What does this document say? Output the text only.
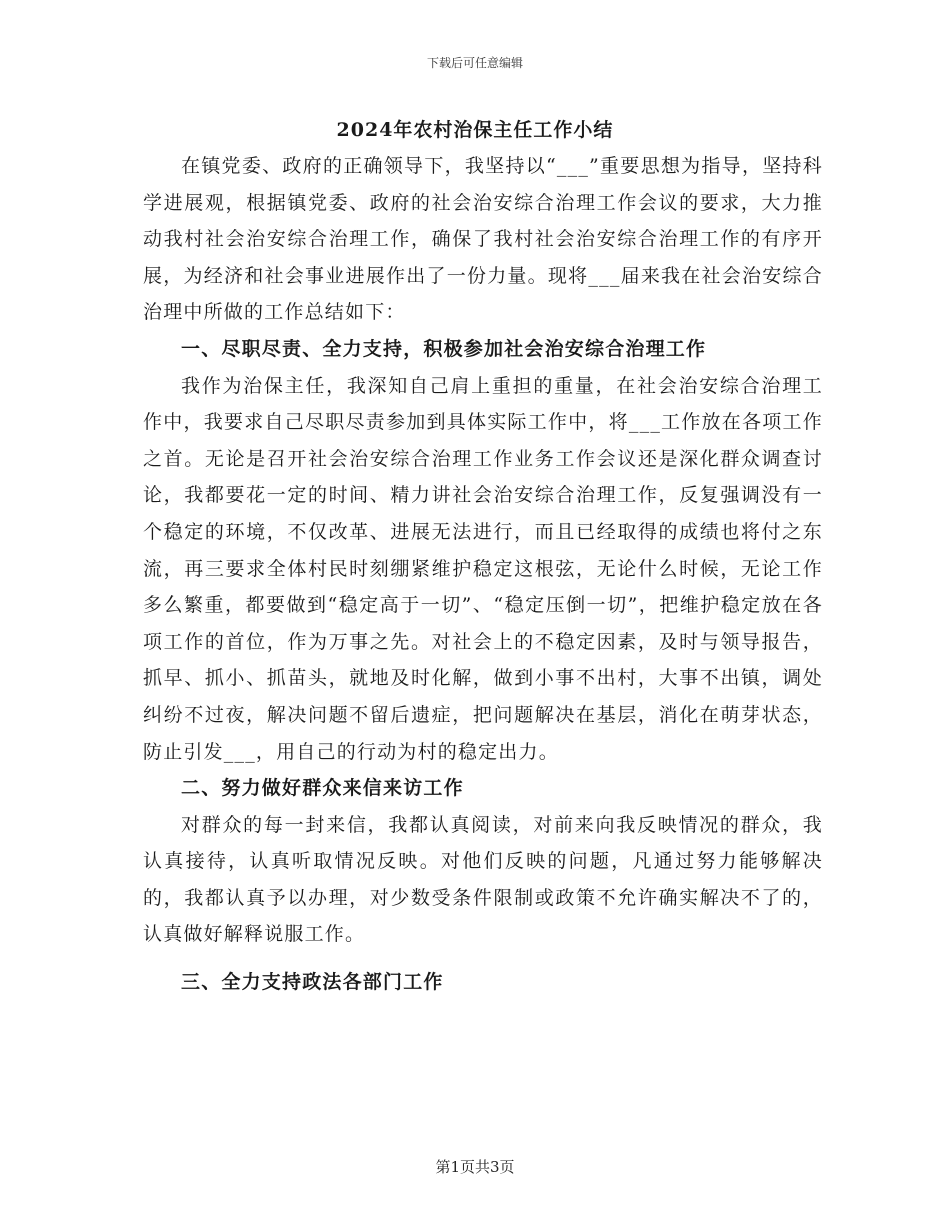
下载后可任意编辑
2024年农村治保主任工作小结

在镇党委、政府的正确领导下，我坚持以“___”重要思想为指导，坚持科学进展观，根据镇党委、政府的社会治安综合治理工作会议的要求，大力推动我村社会治安综合治理工作，确保了我村社会治安综合治理工作的有序开展，为经济和社会事业进展作出了一份力量。现将___届来我在社会治安综合治理中所做的工作总结如下：

一、尽职尽责、全力支持，积极参加社会治安综合治理工作

我作为治保主任，我深知自己肩上重担的重量，在社会治安综合治理工作中，我要求自己尽职尽责参加到具体实际工作中，将___工作放在各项工作之首。无论是召开社会治安综合治理工作业务工作会议还是深化群众调查讨论，我都要花一定的时间、精力讲社会治安综合治理工作，反复强调没有一个稳定的环境，不仅改革、进展无法进行，而且已经取得的成绩也将付之东流，再三要求全体村民时刻绷紧维护稳定这根弦，无论什么时候，无论工作多么繁重，都要做到“稳定高于一切”、“稳定压倒一切”，把维护稳定放在各项工作的首位，作为万事之先。对社会上的不稳定因素，及时与领导报告，抓早、抓小、抓苗头，就地及时化解，做到小事不出村，大事不出镇，调处纠纷不过夜，解决问题不留后遗症，把问题解决在基层，消化在萌芽状态，防止引发___，用自己的行动为村的稳定出力。

二、努力做好群众来信来访工作

对群众的每一封来信，我都认真阅读，对前来向我反映情况的群众，我认真接待，认真听取情况反映。对他们反映的问题，凡通过努力能够解决的，我都认真予以办理，对少数受条件限制或政策不允许确实解决不了的，认真做好解释说服工作。

三、全力支持政法各部门工作
第1页共3页
